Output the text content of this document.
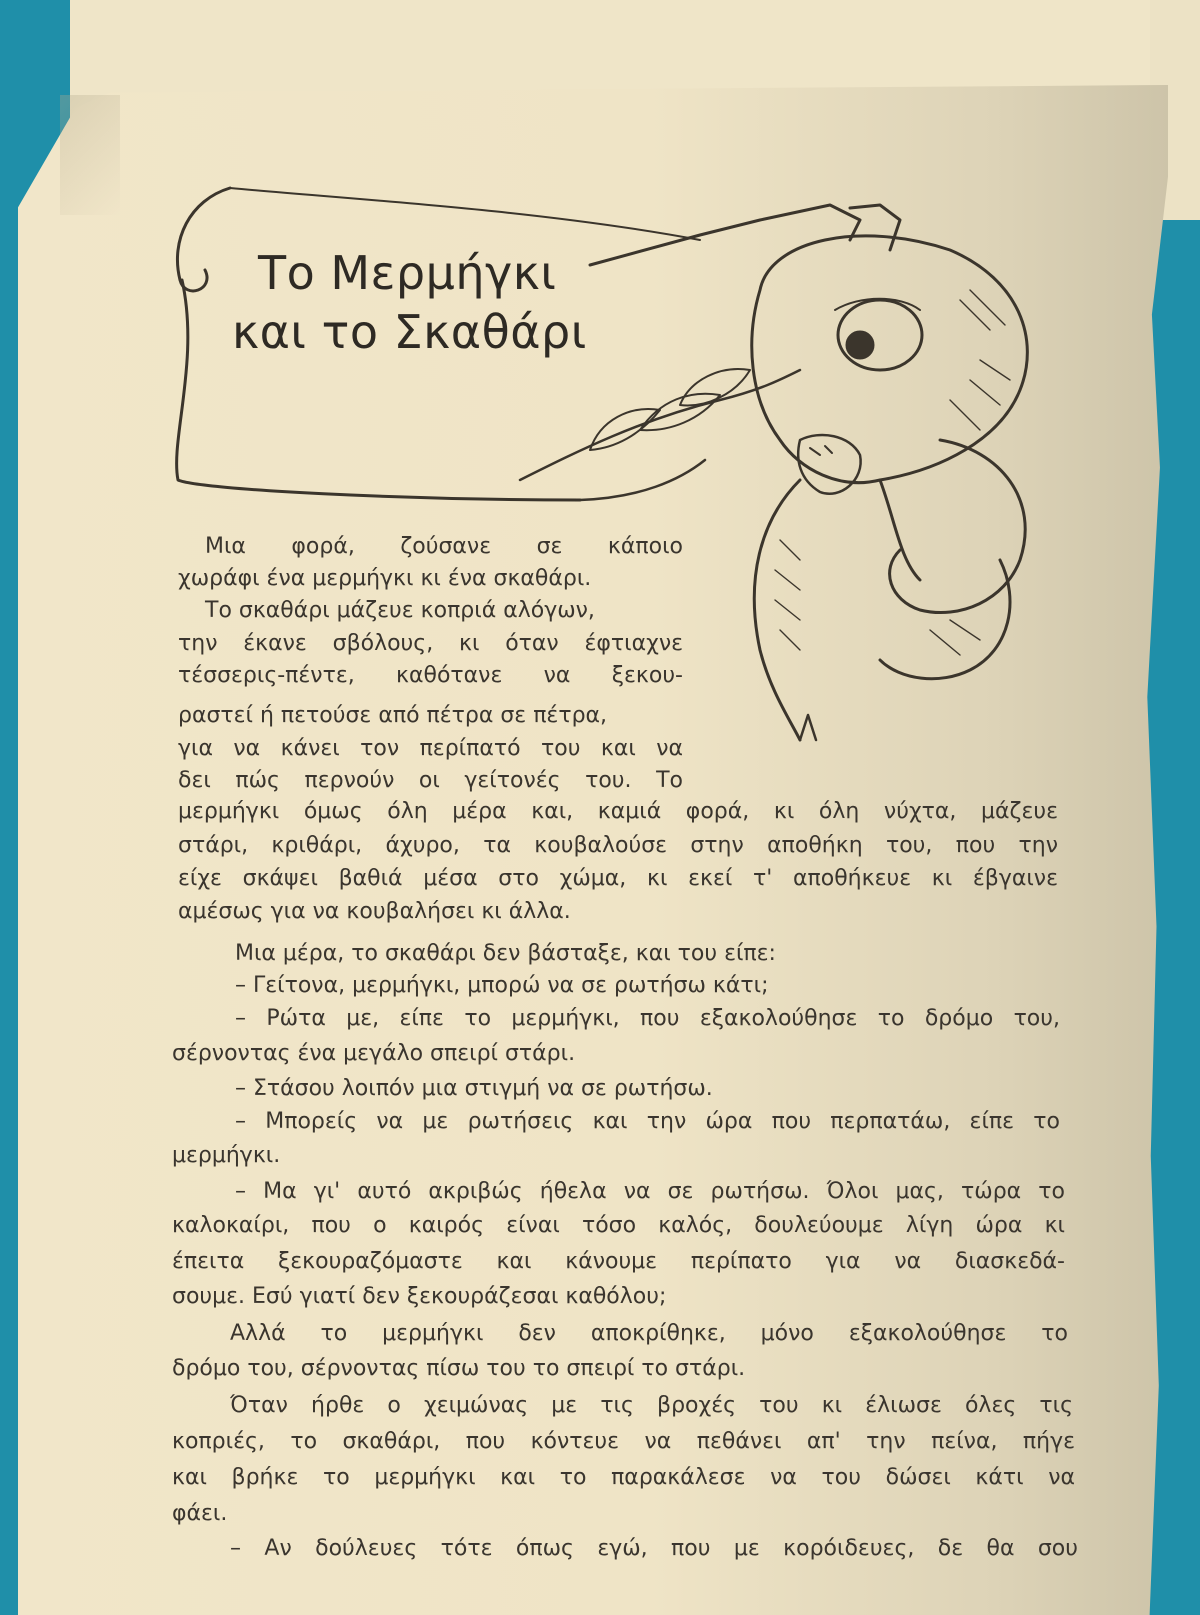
Το Μερμήγκι
και το Σκαθάρι
Μια φορά, ζούσανε σε κάποιο
χωράφι ένα μερμήγκι κι ένα σκαθάρι.
Το σκαθάρι μάζευε κοπριά αλόγων,
την έκανε σβόλους, κι όταν έφτιαχνε
τέσσερις-πέντε, καθότανε να ξεκου-
ραστεί ή πετούσε από πέτρα σε πέτρα,
για να κάνει τον περίπατό του και να
δει πώς περνούν οι γείτονές του. Το
μερμήγκι όμως όλη μέρα και, καμιά φορά, κι όλη νύχτα, μάζευε
στάρι, κριθάρι, άχυρο, τα κουβαλούσε στην αποθήκη του, που την
είχε σκάψει βαθιά μέσα στο χώμα, κι εκεί τ' αποθήκευε κι έβγαινε
αμέσως για να κουβαλήσει κι άλλα.
Μια μέρα, το σκαθάρι δεν βάσταξε, και του είπε:
– Γείτονα, μερμήγκι, μπορώ να σε ρωτήσω κάτι;
– Ρώτα με, είπε το μερμήγκι, που εξακολούθησε το δρόμο του,
σέρνοντας ένα μεγάλο σπειρί στάρι.
– Στάσου λοιπόν μια στιγμή να σε ρωτήσω.
– Μπορείς να με ρωτήσεις και την ώρα που περπατάω, είπε το
μερμήγκι.
– Μα γι' αυτό ακριβώς ήθελα να σε ρωτήσω. Όλοι μας, τώρα το
καλοκαίρι, που ο καιρός είναι τόσο καλός, δουλεύουμε λίγη ώρα κι
έπειτα ξεκουραζόμαστε και κάνουμε περίπατο για να διασκεδά-
σουμε. Εσύ γιατί δεν ξεκουράζεσαι καθόλου;
Αλλά το μερμήγκι δεν αποκρίθηκε, μόνο εξακολούθησε το
δρόμο του, σέρνοντας πίσω του το σπειρί το στάρι.
Όταν ήρθε ο χειμώνας με τις βροχές του κι έλιωσε όλες τις
κοπριές, το σκαθάρι, που κόντευε να πεθάνει απ' την πείνα, πήγε
και βρήκε το μερμήγκι και το παρακάλεσε να του δώσει κάτι να
φάει.
– Αν δούλευες τότε όπως εγώ, που με κορόιδευες, δε θα σου
